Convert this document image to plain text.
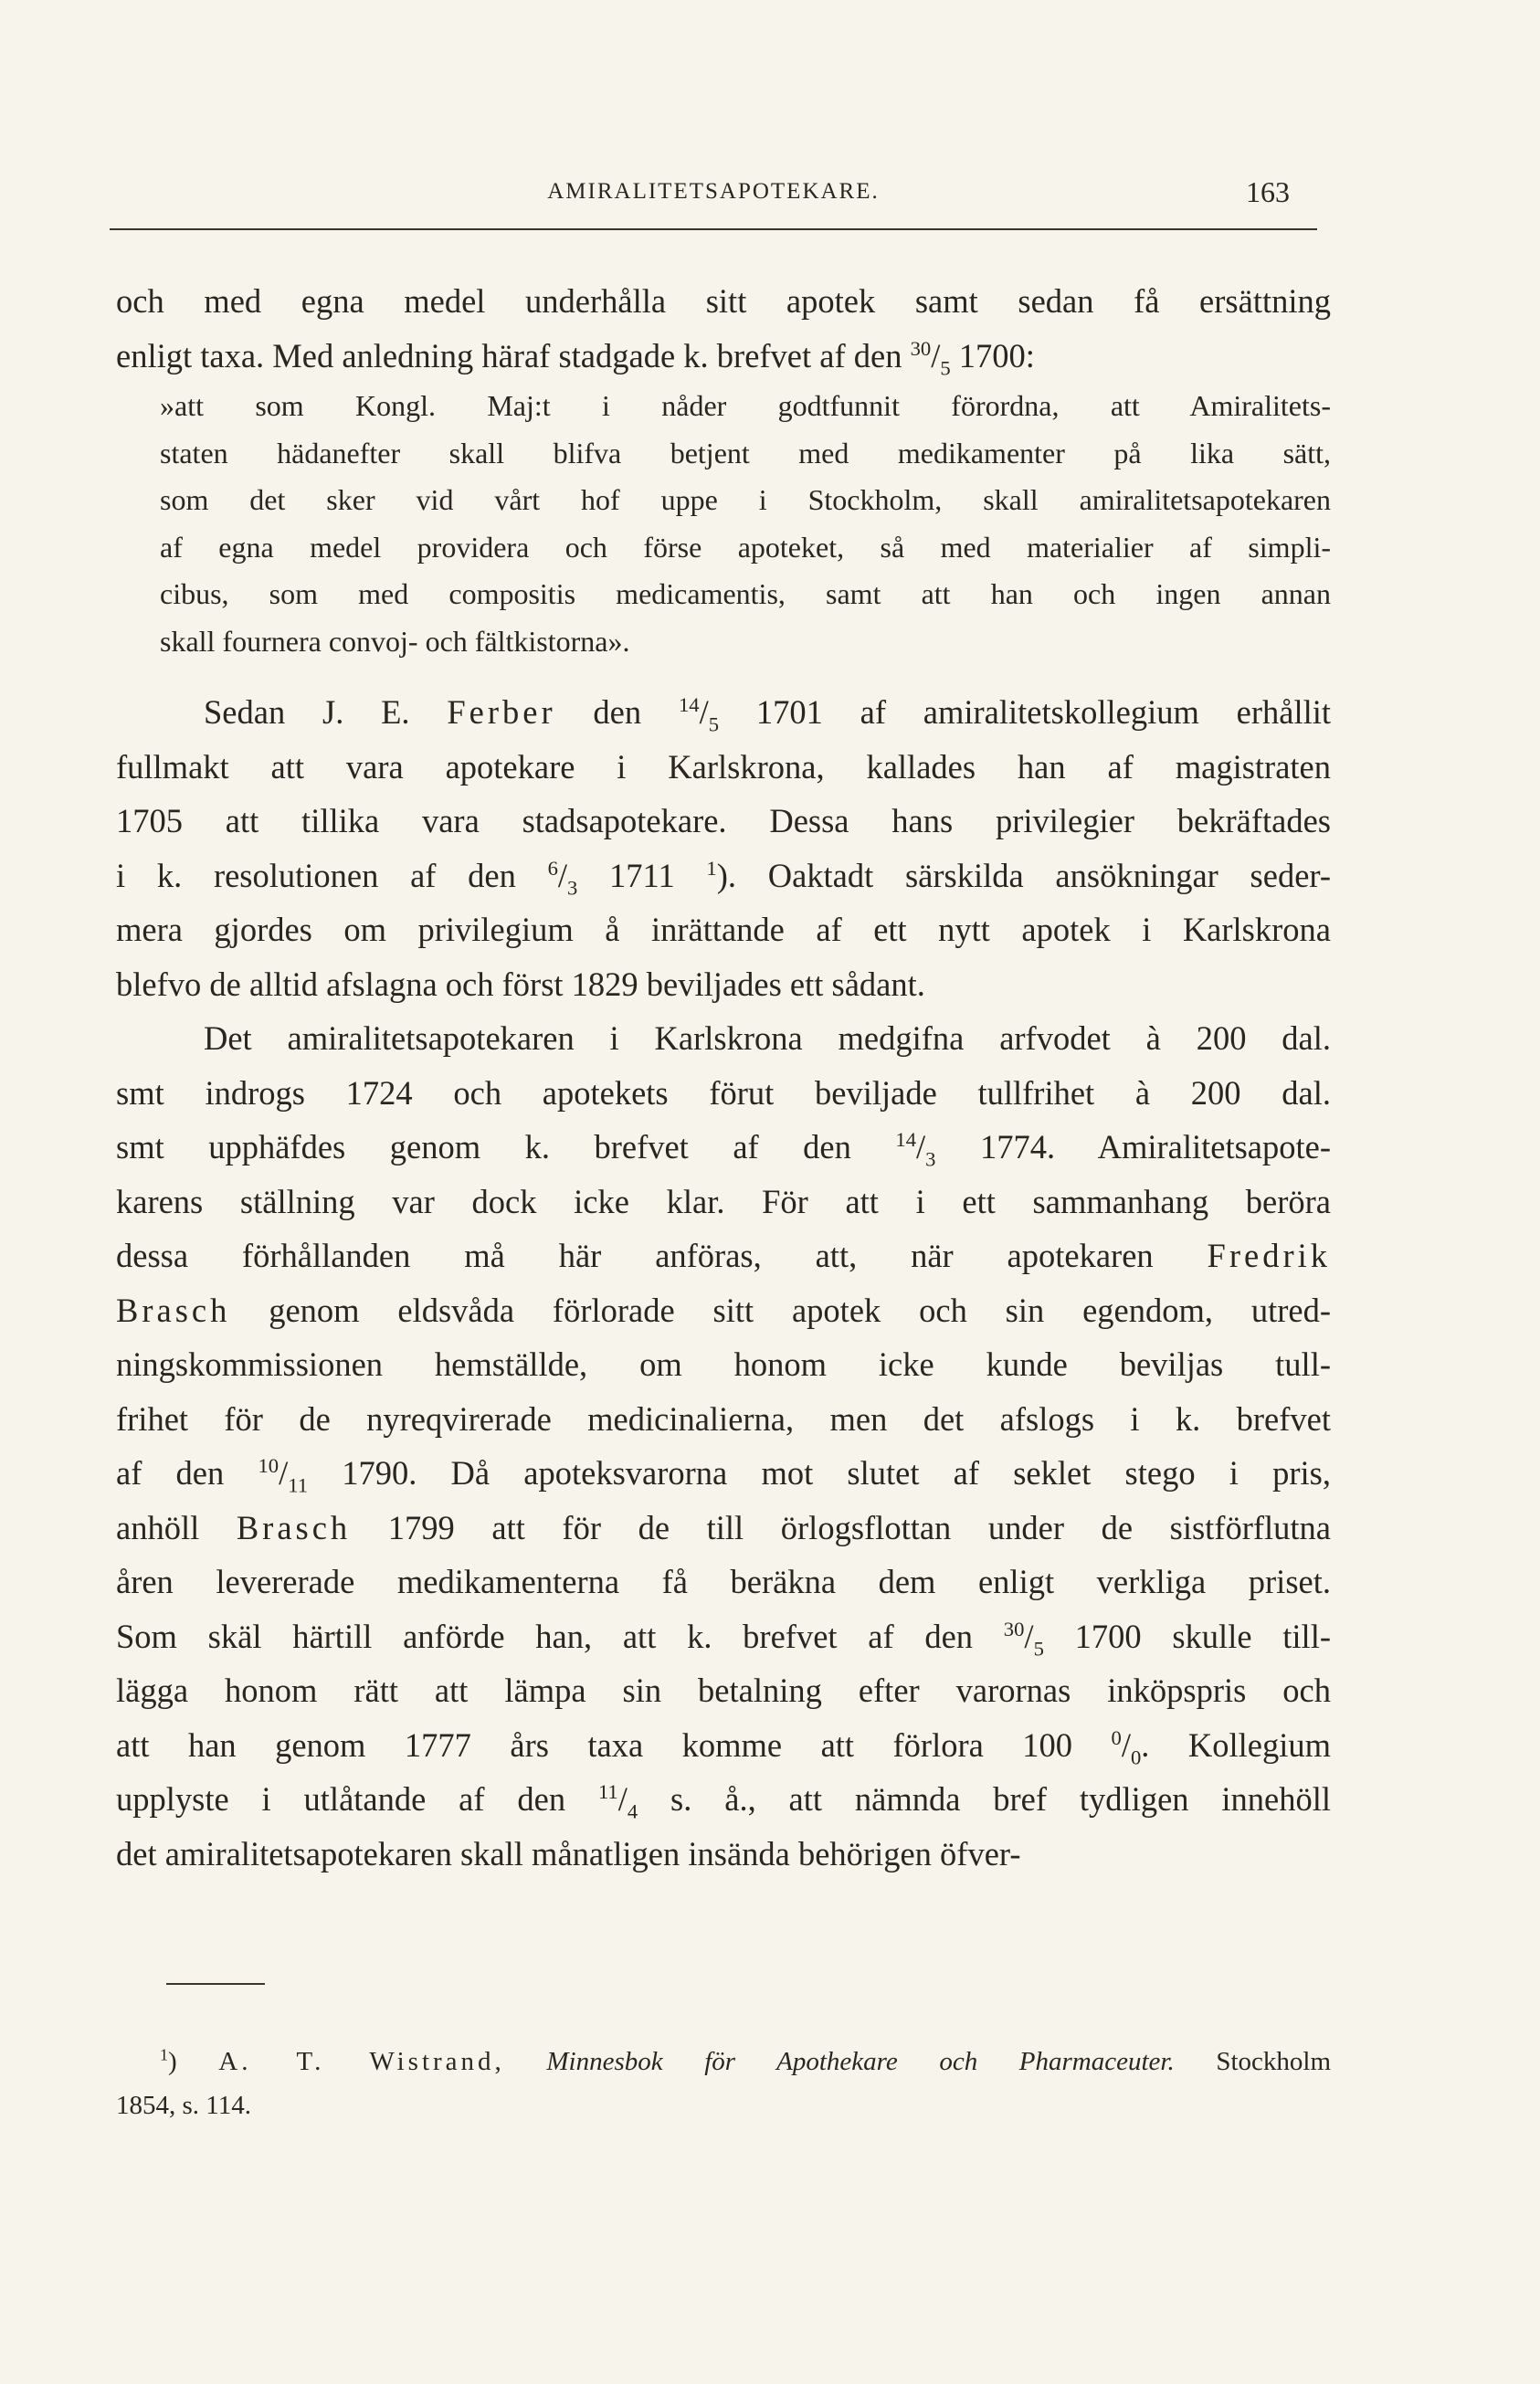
AMIRALITETSAPOTEKARE.	163
och med egna medel underhålla sitt apotek samt sedan få ersättning
enligt taxa. Med anledning häraf stadgade k. brefvet af den $^{30}/_5$ 1700:
»att som Kongl. Maj:t i nåder godtfunnit förordna, att Amiralitets-
staten hädanefter skall blifva betjent med medikamenter på lika sätt,
som det sker vid vårt hof uppe i Stockholm, skall amiralitetsapotekaren
af egna medel providera och förse apoteket, så med materialier af simpli-
cibus, som med compositis medicamentis, samt att han och ingen annan
skall fournera convoj- och fältkistorna».
Sedan J. E. Ferber den $^{14}/_5$ 1701 af amiralitetskollegium erhållit
fullmakt att vara apotekare i Karlskrona, kallades han af magistraten
1705 att tillika vara stadsapotekare. Dessa hans privilegier bekräftades
i k. resolutionen af den $^6/_3$ 1711 $^1$). Oaktadt särskilda ansökningar seder-
mera gjordes om privilegium å inrättande af ett nytt apotek i Karlskrona
blefvo de alltid afslagna och först 1829 beviljades ett sådant.
Det amiralitetsapotekaren i Karlskrona medgifna arfvodet à 200 dal.
smt indrogs 1724 och apotekets förut beviljade tullfrihet à 200 dal.
smt upphäfdes genom k. brefvet af den $^{14}/_3$ 1774. Amiralitetsapote-
karens ställning var dock icke klar. För att i ett sammanhang beröra
dessa förhållanden må här anföras, att, när apotekaren Fredrik
Brasch genom eldsvåda förlorade sitt apotek och sin egendom, utred-
ningskommissionen hemställde, om honom icke kunde beviljas tull-
frihet för de nyreqvirerade medicinalierna, men det afslogs i k. brefvet
af den $^{10}/_{11}$ 1790. Då apoteksvarorna mot slutet af seklet stego i pris,
anhöll Brasch 1799 att för de till örlogsflottan under de sistförflutna
åren levererade medikamenterna få beräkna dem enligt verkliga priset.
Som skäl härtill anförde han, att k. brefvet af den $^{30}/_5$ 1700 skulle till-
lägga honom rätt att lämpa sin betalning efter varornas inköpspris och
att han genom 1777 års taxa komme att förlora 100 $^0/_0$. Kollegium
upplyste i utlåtande af den $^{11}/_4$ s. å., att nämnda bref tydligen innehöll
det amiralitetsapotekaren skall månatligen insända behörigen öfver-
$^1$) A. T. Wistrand, Minnesbok för Apothekare och Pharmaceuter. Stockholm
1854, s. 114.
